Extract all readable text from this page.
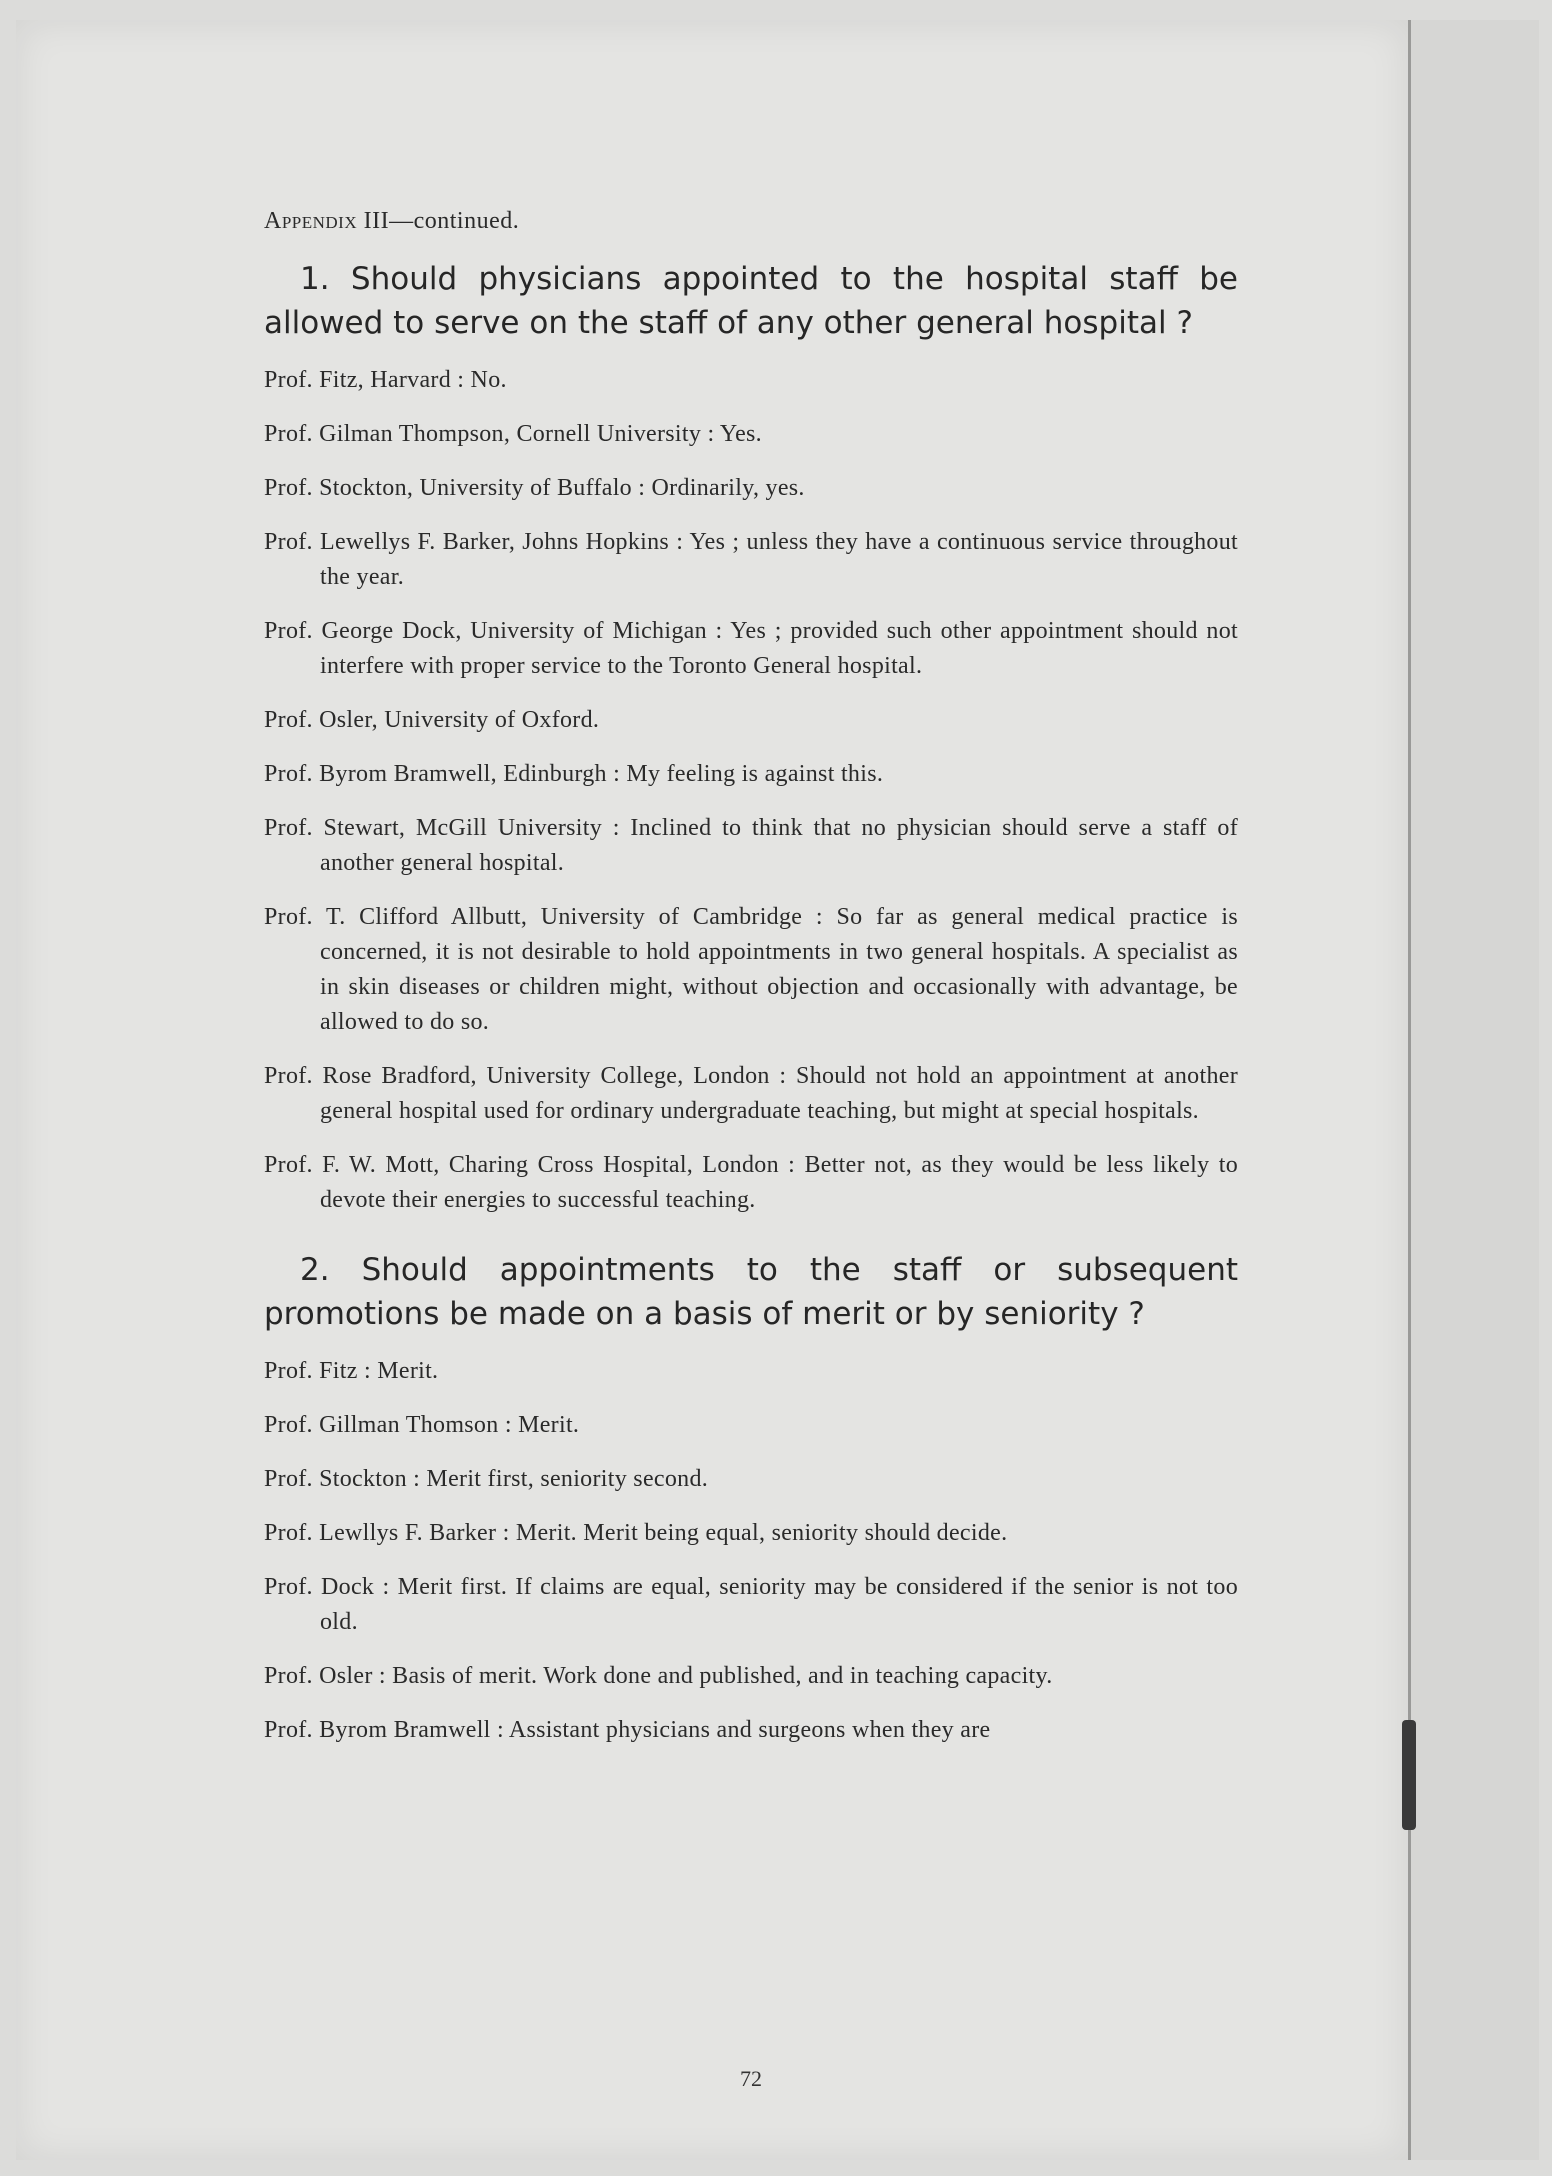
Appendix III—continued.
1. Should physicians appointed to the hospital staff be allowed to serve on the staff of any other general hospital ?
Prof. Fitz, Harvard : No.
Prof. Gilman Thompson, Cornell University : Yes.
Prof. Stockton, University of Buffalo : Ordinarily, yes.
Prof. Lewellys F. Barker, Johns Hopkins : Yes ; unless they have a continuous service throughout the year.
Prof. George Dock, University of Michigan : Yes ; provided such other appointment should not interfere with proper service to the Toronto General hospital.
Prof. Osler, University of Oxford.
Prof. Byrom Bramwell, Edinburgh : My feeling is against this.
Prof. Stewart, McGill University : Inclined to think that no physician should serve a staff of another general hospital.
Prof. T. Clifford Allbutt, University of Cambridge : So far as general medical practice is concerned, it is not desirable to hold appointments in two general hospitals. A specialist as in skin diseases or children might, without objection and occasionally with advantage, be allowed to do so.
Prof. Rose Bradford, University College, London : Should not hold an appointment at another general hospital used for ordinary undergraduate teaching, but might at special hospitals.
Prof. F. W. Mott, Charing Cross Hospital, London : Better not, as they would be less likely to devote their energies to successful teaching.
2. Should appointments to the staff or subsequent promotions be made on a basis of merit or by seniority ?
Prof. Fitz : Merit.
Prof. Gillman Thomson : Merit.
Prof. Stockton : Merit first, seniority second.
Prof. Lewllys F. Barker : Merit. Merit being equal, seniority should decide.
Prof. Dock : Merit first. If claims are equal, seniority may be considered if the senior is not too old.
Prof. Osler : Basis of merit. Work done and published, and in teaching capacity.
Prof. Byrom Bramwell : Assistant physicians and surgeons when they are
72
